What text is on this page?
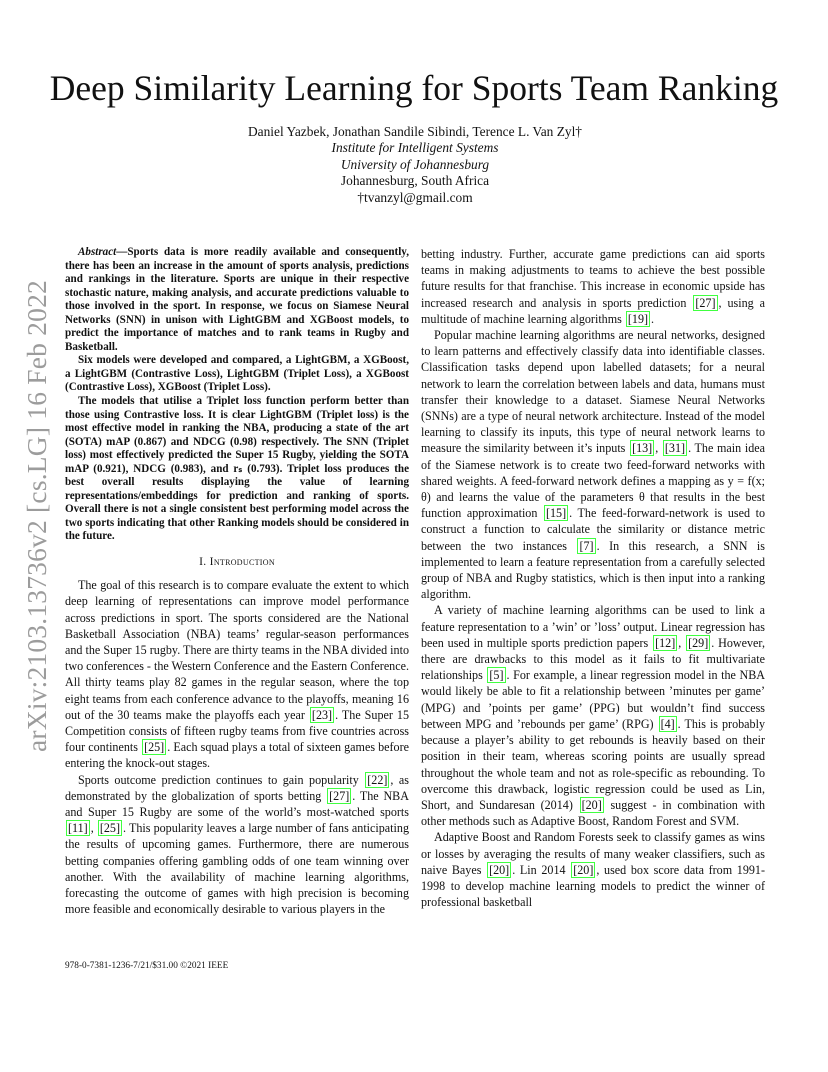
arXiv:2103.13736v2 [cs.LG] 16 Feb 2022
Deep Similarity Learning for Sports Team Ranking
Daniel Yazbek, Jonathan Sandile Sibindi, Terence L. Van Zyl†
Institute for Intelligent Systems
University of Johannesburg
Johannesburg, South Africa
†tvanzyl@gmail.com

Abstract—Sports data is more readily available and consequently, there has been an increase in the amount of sports analysis, predictions and rankings in the literature. Sports are unique in their respective stochastic nature, making analysis, and accurate predictions valuable to those involved in the sport. In response, we focus on Siamese Neural Networks (SNN) in unison with LightGBM and XGBoost models, to predict the importance of matches and to rank teams in Rugby and Basketball.

Six models were developed and compared, a LightGBM, a XGBoost, a LightGBM (Contrastive Loss), LightGBM (Triplet Loss), a XGBoost (Contrastive Loss), XGBoost (Triplet Loss).

The models that utilise a Triplet loss function perform better than those using Contrastive loss. It is clear LightGBM (Triplet loss) is the most effective model in ranking the NBA, producing a state of the art (SOTA) mAP (0.867) and NDCG (0.98) respectively. The SNN (Triplet loss) most effectively predicted the Super 15 Rugby, yielding the SOTA mAP (0.921), NDCG (0.983), and rₛ (0.793). Triplet loss produces the best overall results displaying the value of learning representations/embeddings for prediction and ranking of sports. Overall there is not a single consistent best performing model across the two sports indicating that other Ranking models should be considered in the future.

I. Introduction

The goal of this research is to compare evaluate the extent to which deep learning of representations can improve model performance across predictions in sport. The sports considered are the National Basketball Association (NBA) teams’ regular-season performances and the Super 15 rugby. There are thirty teams in the NBA divided into two conferences - the Western Conference and the Eastern Conference. All thirty teams play 82 games in the regular season, where the top eight teams from each conference advance to the playoffs, meaning 16 out of the 30 teams make the playoffs each year [23] . The Super 15 Competition consists of fifteen rugby teams from five countries across four continents [25] . Each squad plays a total of sixteen games before entering the knock-out stages.

Sports outcome prediction continues to gain popularity [22] , as demonstrated by the globalization of sports betting [27] . The NBA and Super 15 Rugby are some of the world’s most-watched sports [11] , [25] . This popularity leaves a large number of fans anticipating the results of upcoming games. Furthermore, there are numerous betting companies offering gambling odds of one team winning over another. With the availability of machine learning algorithms, forecasting the outcome of games with high precision is becoming more feasible and economically desirable to various players in the

betting industry. Further, accurate game predictions can aid sports teams in making adjustments to teams to achieve the best possible future results for that franchise. This increase in economic upside has increased research and analysis in sports prediction [27] , using a multitude of machine learning algorithms [19] .

Popular machine learning algorithms are neural networks, designed to learn patterns and effectively classify data into identifiable classes. Classification tasks depend upon labelled datasets; for a neural network to learn the correlation between labels and data, humans must transfer their knowledge to a dataset. Siamese Neural Networks (SNNs) are a type of neural network architecture. Instead of the model learning to classify its inputs, this type of neural network learns to measure the similarity between it’s inputs [13] , [31] . The main idea of the Siamese network is to create two feed-forward networks with shared weights. A feed-forward network defines a mapping as y = f(x; θ) and learns the value of the parameters θ that results in the best function approximation [15] . The feed-forward-network is used to construct a function to calculate the similarity or distance metric between the two instances [7] . In this research, a SNN is implemented to learn a feature representation from a carefully selected group of NBA and Rugby statistics, which is then input into a ranking algorithm.

A variety of machine learning algorithms can be used to link a feature representation to a ’win’ or ’loss’ output. Linear regression has been used in multiple sports prediction papers [12] , [29] . However, there are drawbacks to this model as it fails to fit multivariate relationships [5] . For example, a linear regression model in the NBA would likely be able to fit a relationship between ’minutes per game’ (MPG) and ’points per game’ (PPG) but wouldn’t find success between MPG and ’rebounds per game’ (RPG) [4] . This is probably because a player’s ability to get rebounds is heavily based on their position in their team, whereas scoring points are usually spread throughout the whole team and not as role-specific as rebounding. To overcome this drawback, logistic regression could be used as Lin, Short, and Sundaresan (2014) [20] suggest - in combination with other methods such as Adaptive Boost, Random Forest and SVM.

Adaptive Boost and Random Forests seek to classify games as wins or losses by averaging the results of many weaker classifiers, such as naive Bayes [20] . Lin 2014 [20] , used box score data from 1991-1998 to develop machine learning models to predict the winner of professional basketball

978-0-7381-1236-7/21/$31.00 ©2021 IEEE
